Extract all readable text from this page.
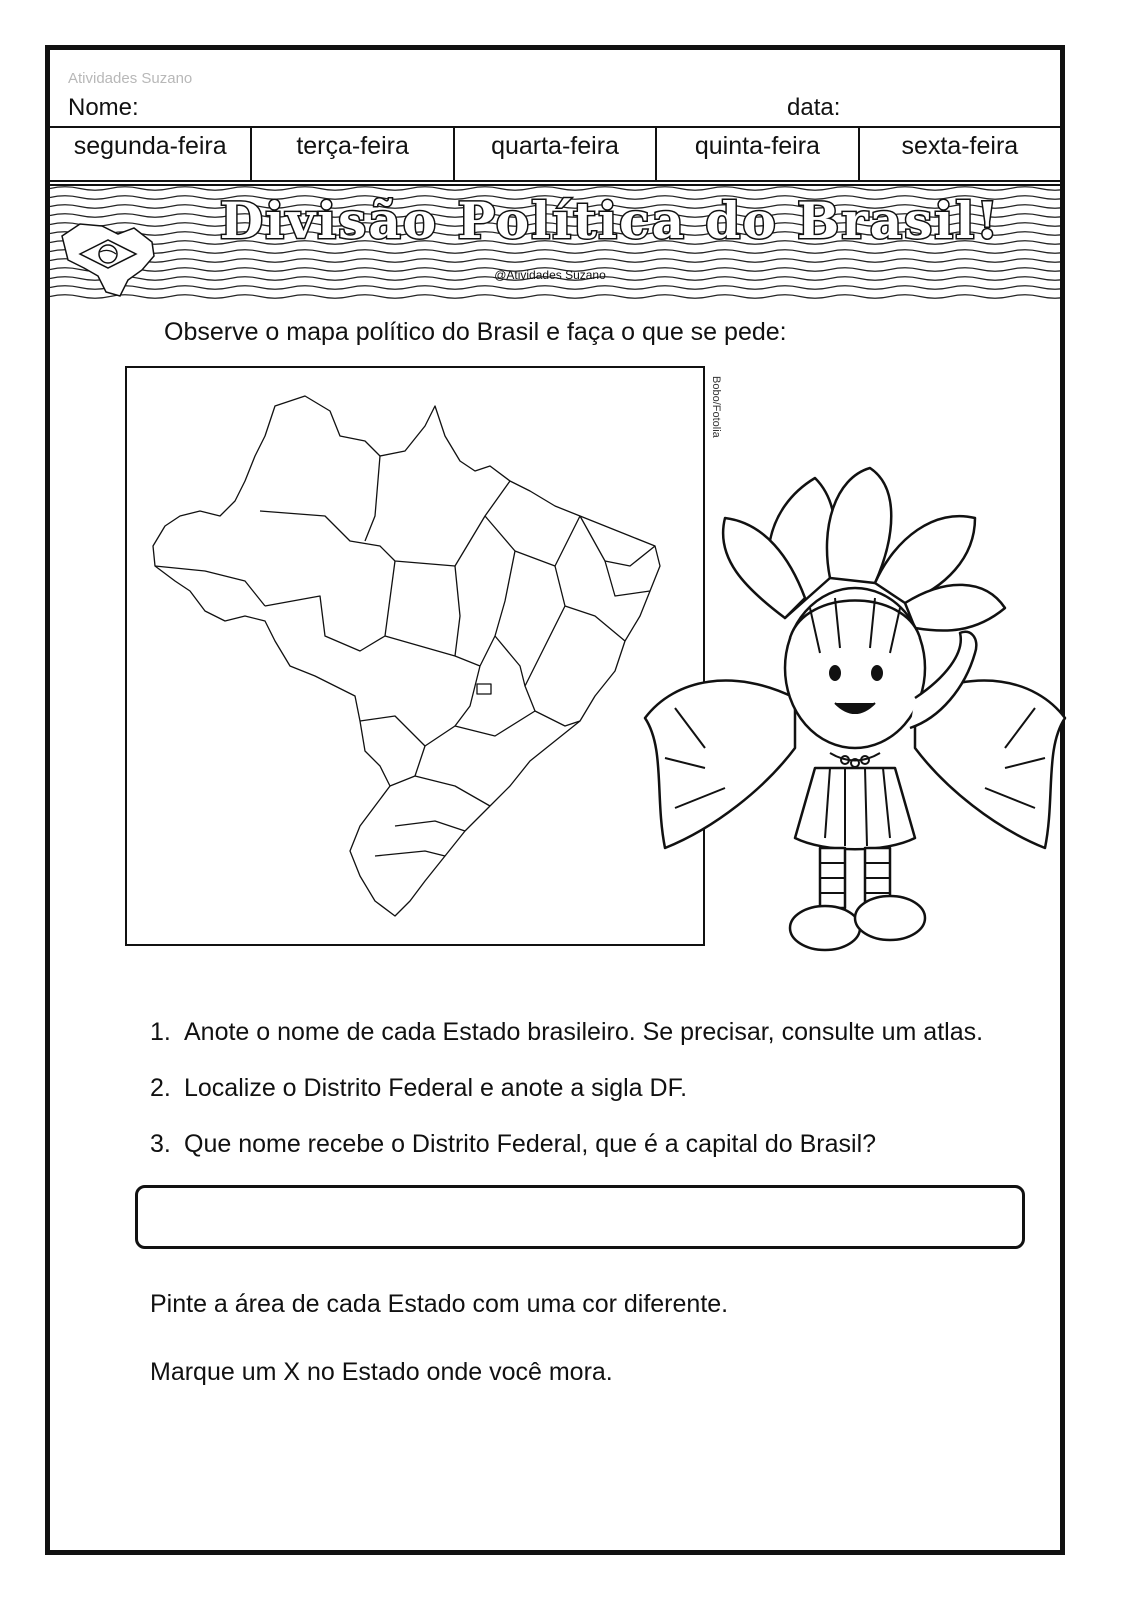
Atividades Suzano
Nome:	data:
segunda-feira	terça-feira	quarta-feira	quinta-feira	sexta-feira
Divisão Política do Brasil!
@Atividades Suzano
Observe o mapa político do Brasil e faça o que se pede:
Bobo/Fotolia
1. Anote o nome de cada Estado brasileiro. Se precisar, consulte um atlas.
2. Localize o Distrito Federal e anote a sigla DF.
3. Que nome recebe o Distrito Federal, que é a capital do Brasil?
Pinte a área de cada Estado com uma cor diferente.
Marque um X no Estado onde você mora.
